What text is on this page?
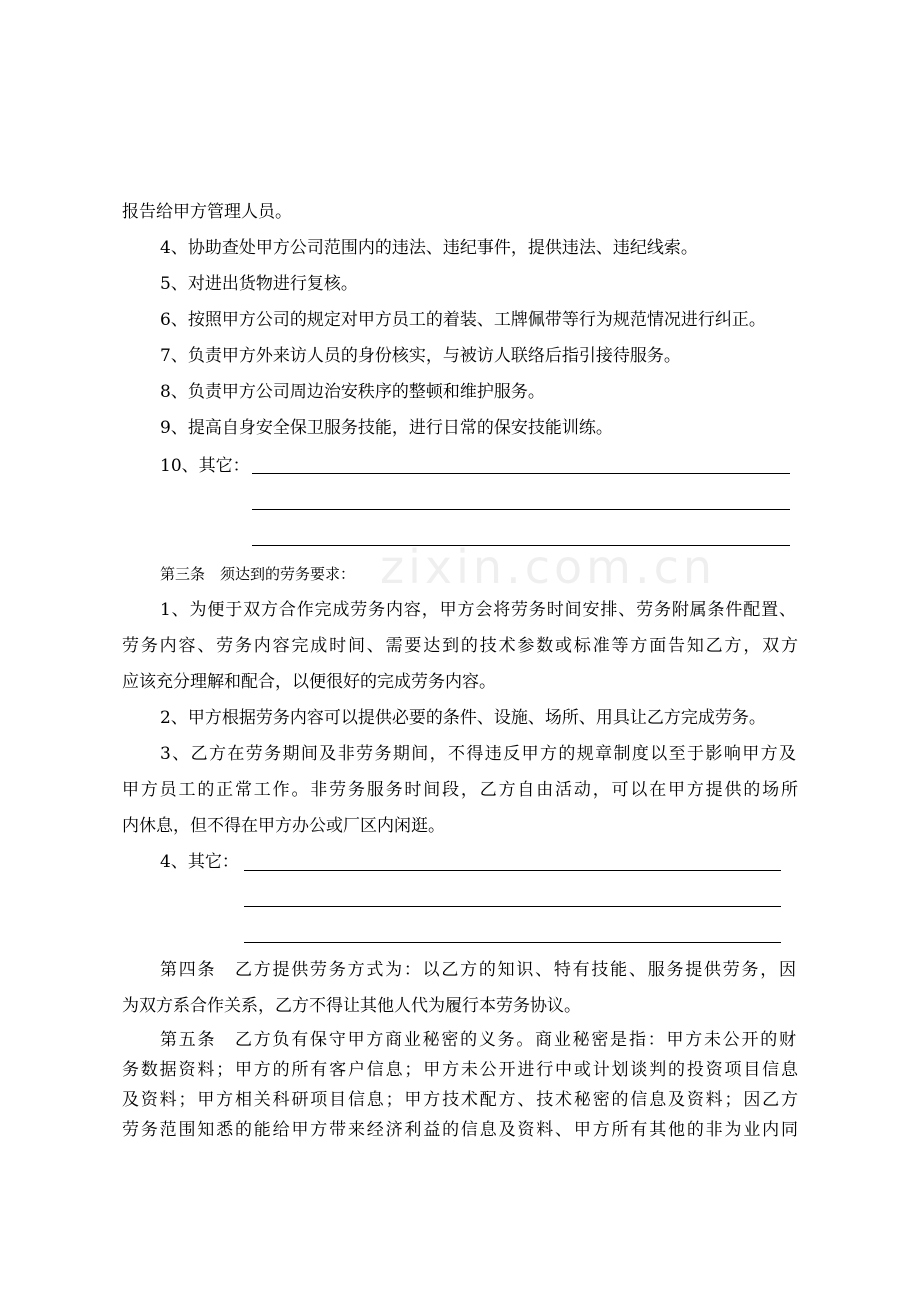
zixin.com.cn
报告给甲方管理人员。
4、协助查处甲方公司范围内的违法、违纪事件，提供违法、违纪线索。
5、对进出货物进行复核。
6、按照甲方公司的规定对甲方员工的着装、工牌佩带等行为规范情况进行纠正。
7、负责甲方外来访人员的身份核实，与被访人联络后指引接待服务。
8、负责甲方公司周边治安秩序的整顿和维护服务。
9、提高自身安全保卫服务技能，进行日常的保安技能训练。
10、其它：
第三条　须达到的劳务要求：
1、为便于双方合作完成劳务内容，甲方会将劳务时间安排、劳务附属条件配置、
劳务内容、劳务内容完成时间、需要达到的技术参数或标准等方面告知乙方，双方
应该充分理解和配合，以便很好的完成劳务内容。
2、甲方根据劳务内容可以提供必要的条件、设施、场所、用具让乙方完成劳务。
3、乙方在劳务期间及非劳务期间，不得违反甲方的规章制度以至于影响甲方及
甲方员工的正常工作。非劳务服务时间段，乙方自由活动，可以在甲方提供的场所
内休息，但不得在甲方办公或厂区内闲逛。
4、其它：
第四条　乙方提供劳务方式为：以乙方的知识、特有技能、服务提供劳务，因
为双方系合作关系，乙方不得让其他人代为履行本劳务协议。
第五条　乙方负有保守甲方商业秘密的义务。商业秘密是指：甲方未公开的财
务数据资料；甲方的所有客户信息；甲方未公开进行中或计划谈判的投资项目信息
及资料；甲方相关科研项目信息；甲方技术配方、技术秘密的信息及资料；因乙方
劳务范围知悉的能给甲方带来经济利益的信息及资料、甲方所有其他的非为业内同
